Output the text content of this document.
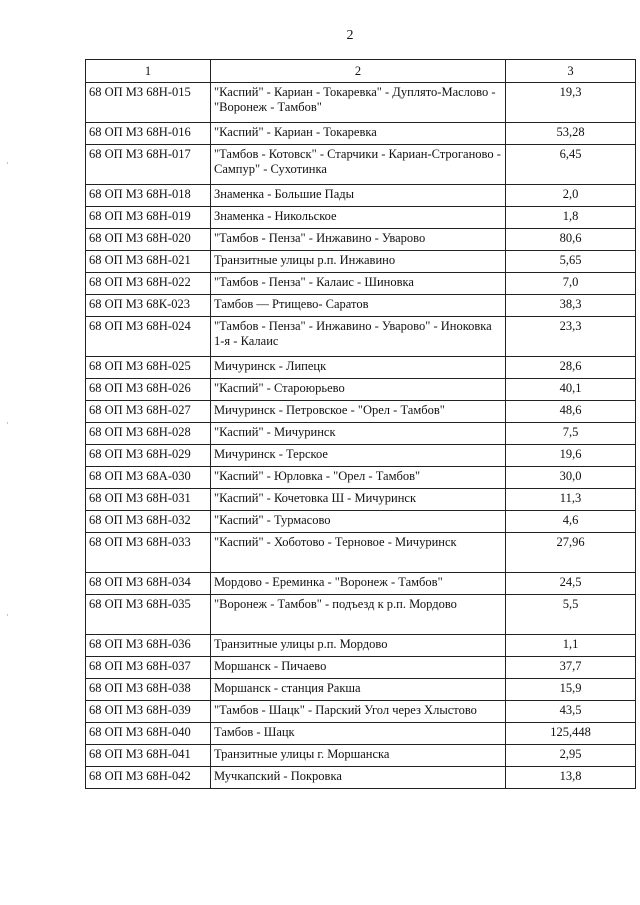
2
·
·
·
1	2	3
68 ОП МЗ 68Н-015	"Каспий" - Кариан - Токаревка" - Дуплято-Маслово - "Воронеж - Тамбов"	19,3
68 ОП МЗ 68Н-016	"Каспий" - Кариан - Токаревка	53,28
68 ОП МЗ 68Н-017	"Тамбов - Котовск" - Старчики - Кариан-Строганово - Сампур" - Сухотинка	6,45
68 ОП МЗ 68Н-018	Знаменка - Большие Пады	2,0
68 ОП МЗ 68Н-019	Знаменка - Никольское	1,8
68 ОП МЗ 68Н-020	"Тамбов - Пенза" - Инжавино - Уварово	80,6
68 ОП МЗ 68Н-021	Транзитные улицы р.п. Инжавино	5,65
68 ОП МЗ 68Н-022	"Тамбов - Пенза" - Калаис - Шиновка	7,0
68 ОП МЗ 68К-023	Тамбов — Ртищево- Саратов	38,3
68 ОП МЗ 68Н-024	"Тамбов - Пенза" - Инжавино - Уварово" - Иноковка 1-я - Калаис	23,3
68 ОП МЗ 68Н-025	Мичуринск - Липецк	28,6
68 ОП МЗ 68Н-026	"Каспий" - Староюрьево	40,1
68 ОП МЗ 68Н-027	Мичуринск - Петровское - "Орел - Тамбов"	48,6
68 ОП МЗ 68Н-028	"Каспий" - Мичуринск	7,5
68 ОП МЗ 68Н-029	Мичуринск - Терское	19,6
68 ОП МЗ 68А-030	"Каспий" - Юрловка - "Орел - Тамбов"	30,0
68 ОП МЗ 68Н-031	"Каспий" - Кочетовка Ш - Мичуринск	11,3
68 ОП МЗ 68Н-032	"Каспий" - Турмасово	4,6
68 ОП МЗ 68Н-033	"Каспий" - Хоботово - Терновое - Мичуринск	27,96
68 ОП МЗ 68Н-034	Мордово - Ереминка - "Воронеж - Тамбов"	24,5
68 ОП МЗ 68Н-035	"Воронеж - Тамбов" - подъезд к р.п. Мордово	5,5
68 ОП МЗ 68Н-036	Транзитные улицы р.п. Мордово	1,1
68 ОП МЗ 68Н-037	Моршанск - Пичаево	37,7
68 ОП МЗ 68Н-038	Моршанск - станция Ракша	15,9
68 ОП МЗ 68Н-039	"Тамбов - Шацк" - Парский Угол через Хлыстово	43,5
68 ОП МЗ 68Н-040	Тамбов - Шацк	125,448
68 ОП МЗ 68Н-041	Транзитные улицы г. Моршанска	2,95
68 ОП МЗ 68Н-042	Мучкапский - Покровка	13,8
